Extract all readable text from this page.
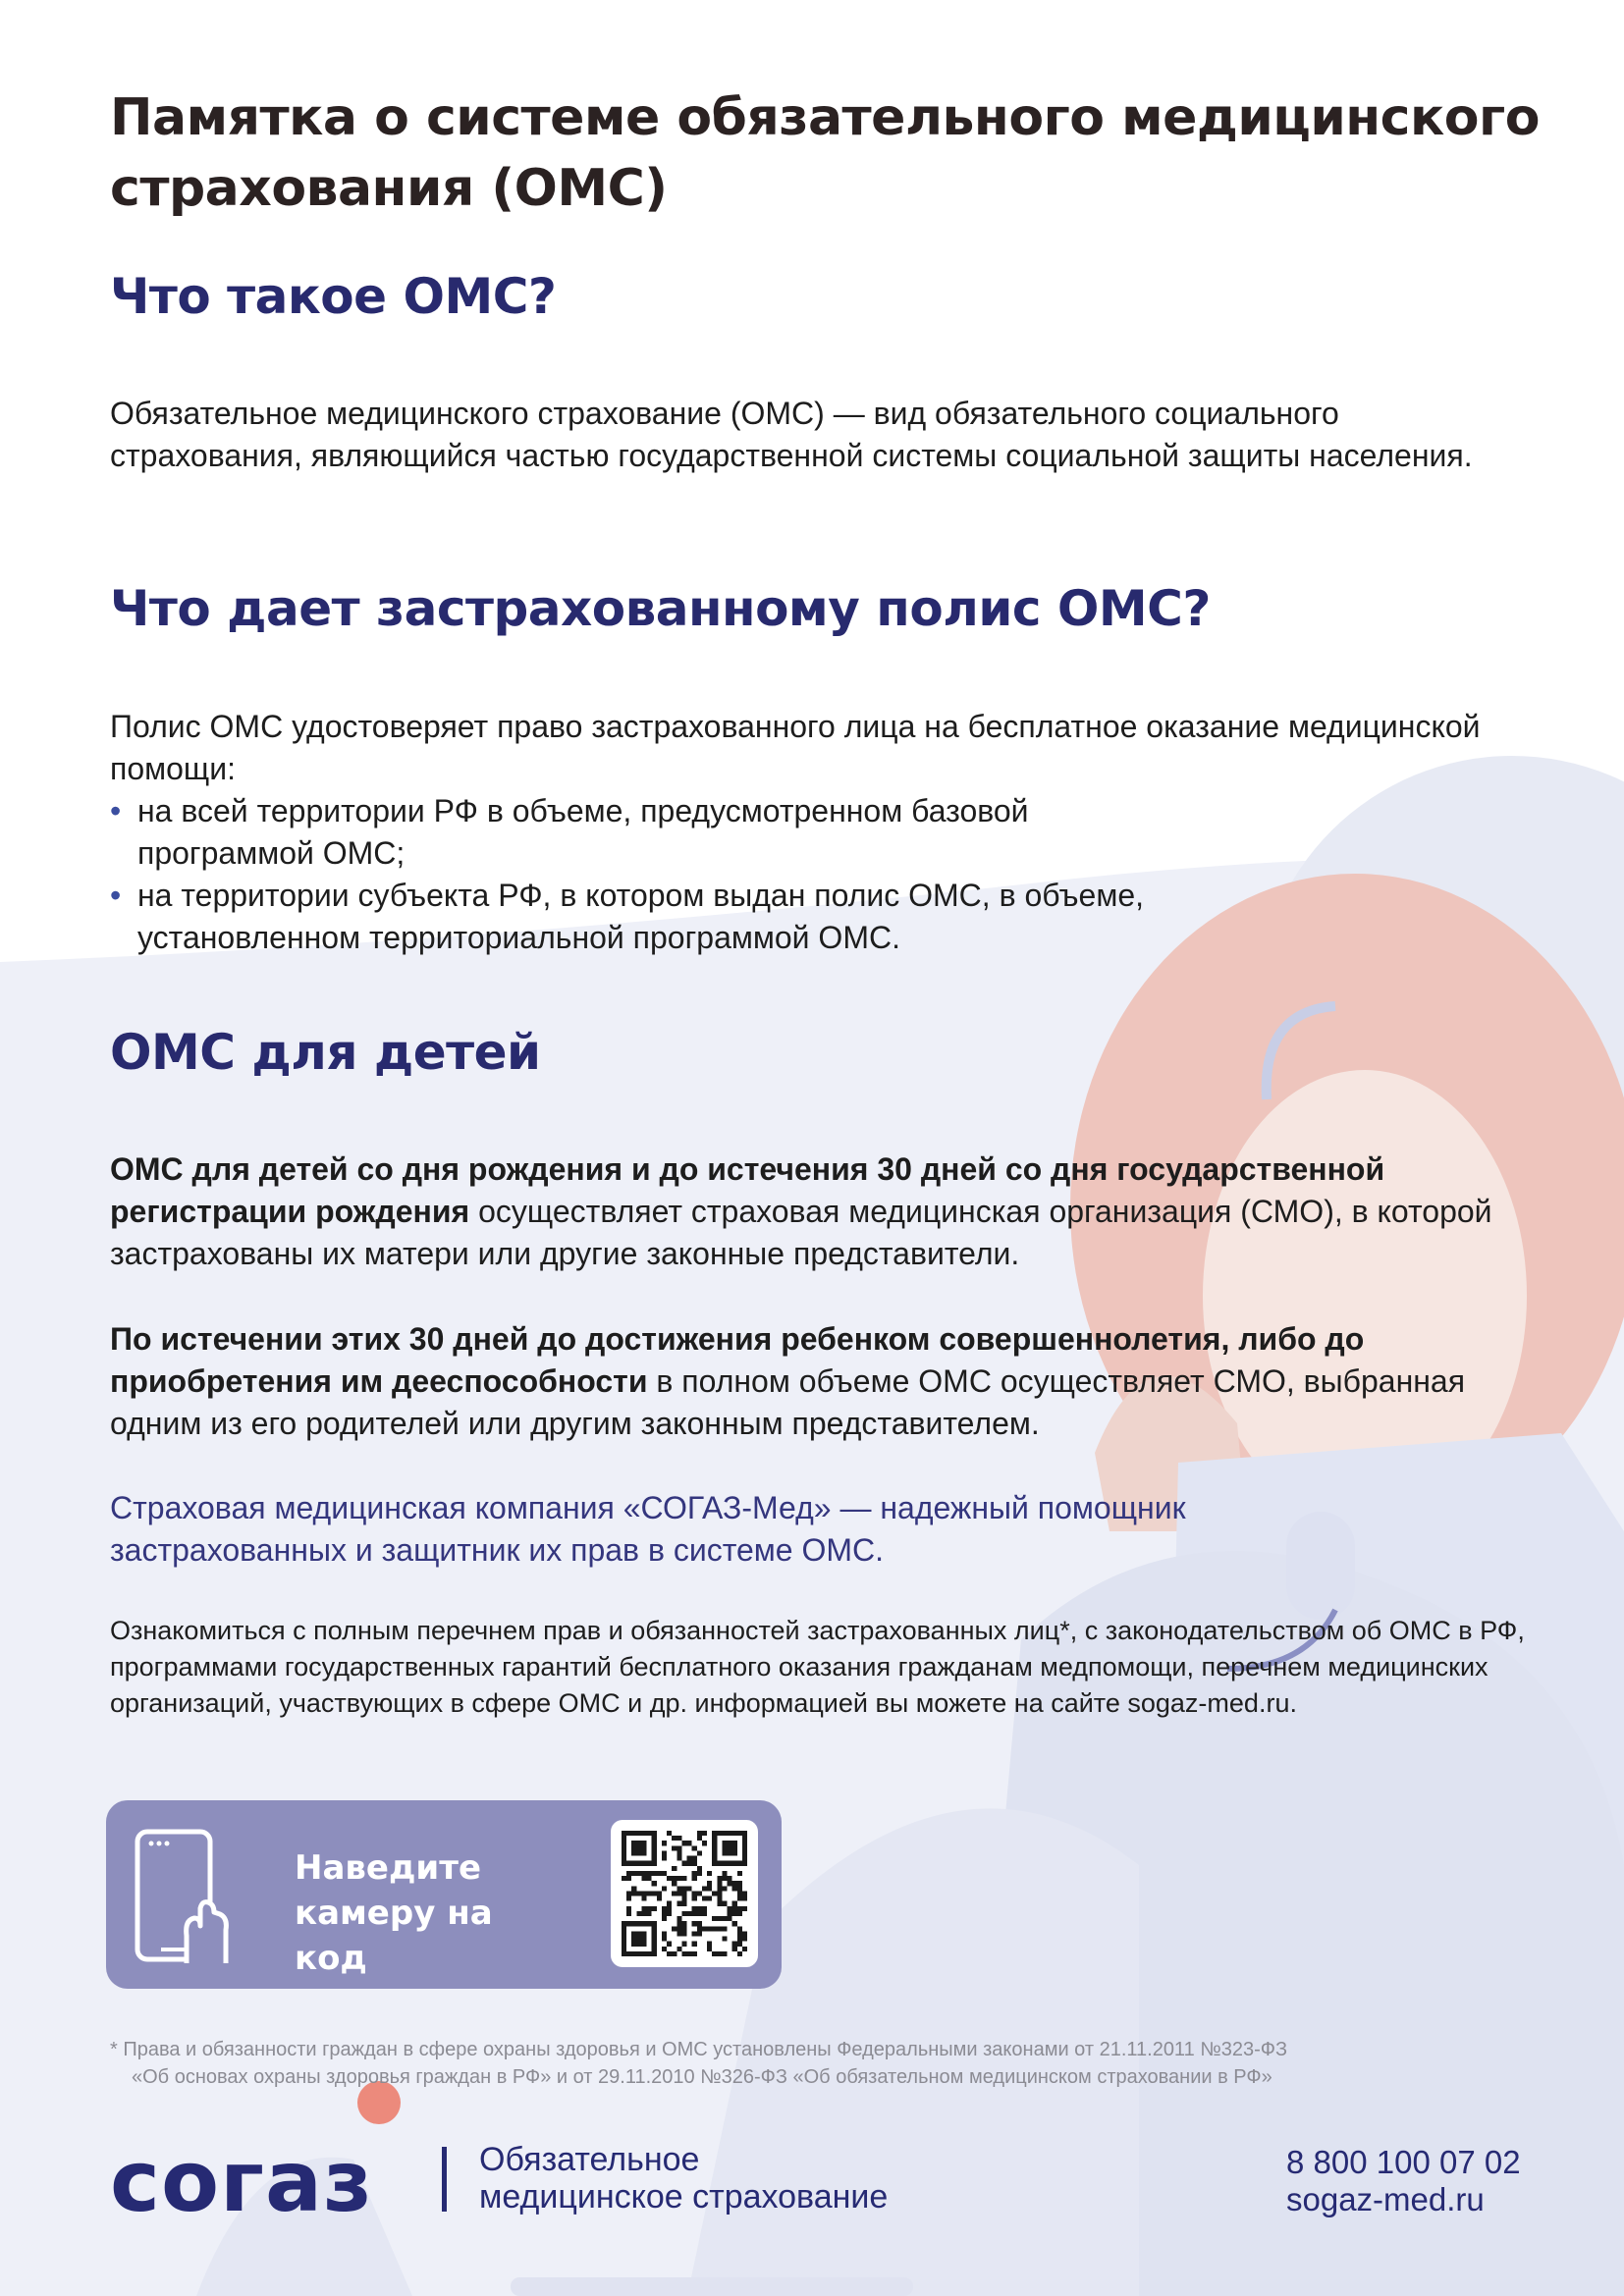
Памятка о системе обязательного медицинского страхования (ОМС)
Что такое ОМС?
Обязательное медицинского страхование (ОМС) — вид обязательного социального страхования, являющийся частью государственной системы социальной защиты населения.
Что дает застрахованному полис ОМС?
Полис ОМС удостоверяет право застрахованного лица на бесплатное оказание медицинской помощи:
• на всей территории РФ в объеме, предусмотренном базовой программой ОМС;
• на территории субъекта РФ, в котором выдан полис ОМС, в объеме, установленном территориальной программой ОМС.
ОМС для детей
ОМС для детей со дня рождения и до истечения 30 дней со дня государственной регистрации рождения осуществляет страховая медицинская организация (СМО), в которой застрахованы их матери или другие законные представители.
По истечении этих 30 дней до достижения ребенком совершеннолетия, либо до приобретения им дееспособности в полном объеме ОМС осуществляет СМО, выбранная одним из его родителей или другим законным представителем.
Страховая медицинская компания «СОГАЗ-Мед» — надежный помощник застрахованных и защитник их прав в системе ОМС.
Ознакомиться с полным перечнем прав и обязанностей застрахованных лиц*, с законодательством об ОМС в РФ, программами государственных гарантий бесплатного оказания гражданам медпомощи, перечнем медицинских организаций, участвующих в сфере ОМС и др. информацией вы можете на сайте sogaz-med.ru.
Наведите
камеру на код
* Права и обязанности граждан в сфере охраны здоровья и ОМС установлены Федеральными законами от 21.11.2011 №323-ФЗ
«Об основах охраны здоровья граждан в РФ» и от 29.11.2010 №326-ФЗ «Об обязательном медицинском страховании в РФ»
согаз	Обязательное
медицинское страхование
8 800 100 07 02
sogaz-med.ru
